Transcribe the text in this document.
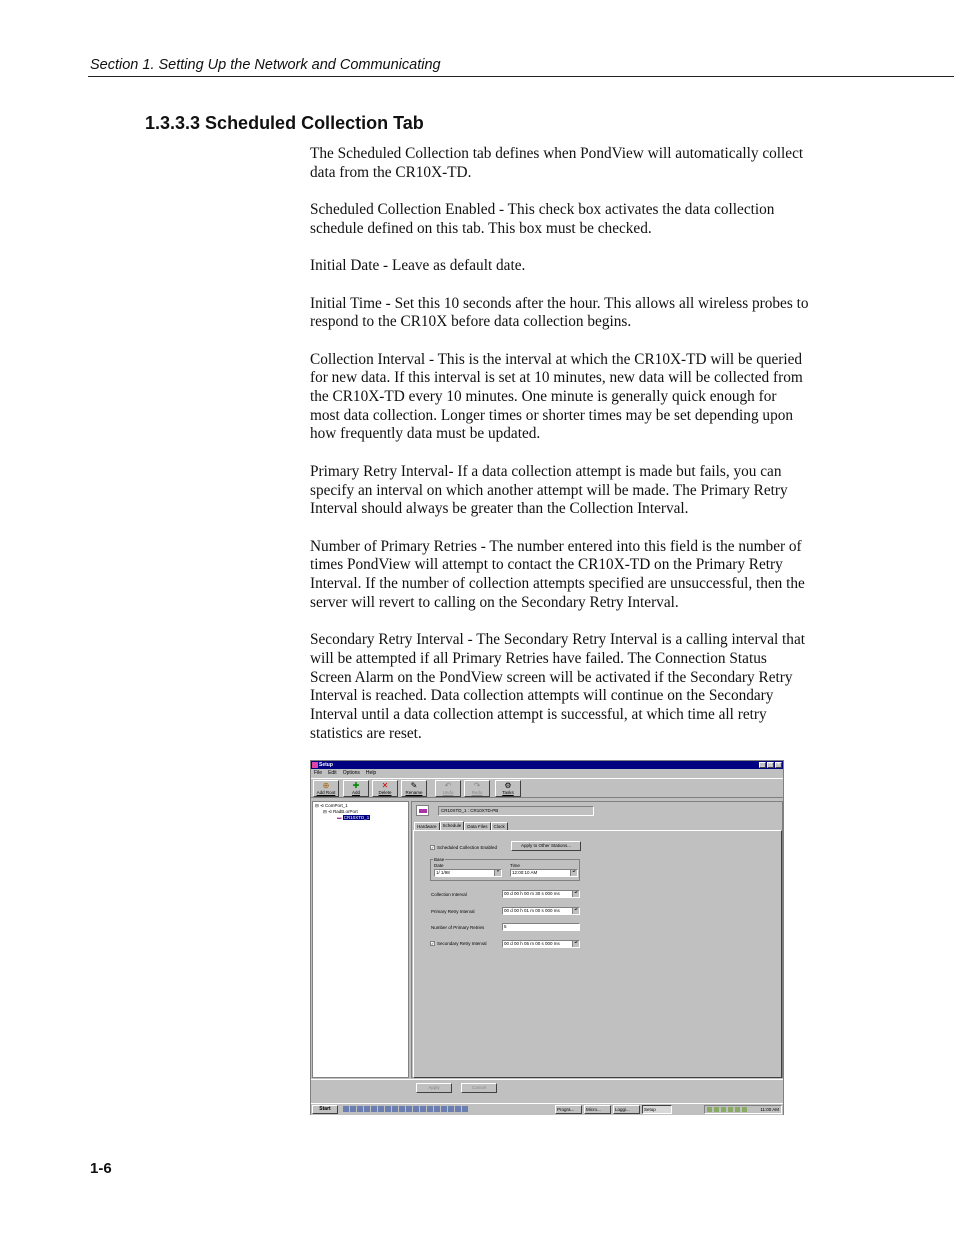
Section 1. Setting Up the Network and Communicating
1.3.3.3 Scheduled Collection Tab

The Scheduled Collection tab defines when PondView will automatically collect data from the CR10X-TD.

Scheduled Collection Enabled - This check box activates the data collection schedule defined on this tab. This box must be checked.

Initial Date - Leave as default date.

Initial Time - Set this 10 seconds after the hour. This allows all wireless probes to respond to the CR10X before data collection begins.

Collection Interval - This is the interval at which the CR10X-TD will be queried for new data. If this interval is set at 10 minutes, new data will be collected from the CR10X-TD every 10 minutes. One minute is generally quick enough for most data collection. Longer times or shorter times may be set depending upon how frequently data must be updated.

Primary Retry Interval- If a data collection attempt is made but fails, you can specify an interval on which another attempt will be made. The Primary Retry Interval should always be greater than the Collection Interval.

Number of Primary Retries - The number entered into this field is the number of times PondView will attempt to contact the CR10X-TD on the Primary Retry Interval. If the number of collection attempts specified are unsuccessful, then the server will revert to calling on the Secondary Retry Interval.

Secondary Retry Interval - The Secondary Retry Interval is a calling interval that will be attempted if all Primary Retries have failed. The Connection Status Screen Alarm on the PondView screen will be activated if the Secondary Retry Interval is reached. Data collection attempts will continue on the Secondary Interval until a data collection attempt is successful, at which time all retry statistics are reset.

Setup	_	□	×
File Edit Options Help
⊕
Add Root
✚
Add
✕
Delete
✎
Rename
↶
Undo
↷
Redo
⚙
Tasks
⊟ ⊲ ComPort_1
⊟ ⊲ RadB.orPort
▬ CR10XTD_1
CR10XTD_1 : CR10XTD-PB
Hardware	Schedule	Data Files	Clock
✓ Scheduled Collection Enabled	Apply to Other Stations...
Base
Date
1/ 1/98	▼
Time
12:00:10 AM	▴▾
Collection Interval	00 d 00 h 00 m 30 s 000 ms	▴▾
Primary Retry Interval	00 d 00 h 01 m 00 s 000 ms	▴▾
Number of Primary Retries	5
✓ Secondary Retry Interval	00 d 00 h 05 m 00 s 000 ms	▴▾
Apply	Cancel
Start	Progra...	Micro...	Loggi...	Setup	11:00 AM
1-6
